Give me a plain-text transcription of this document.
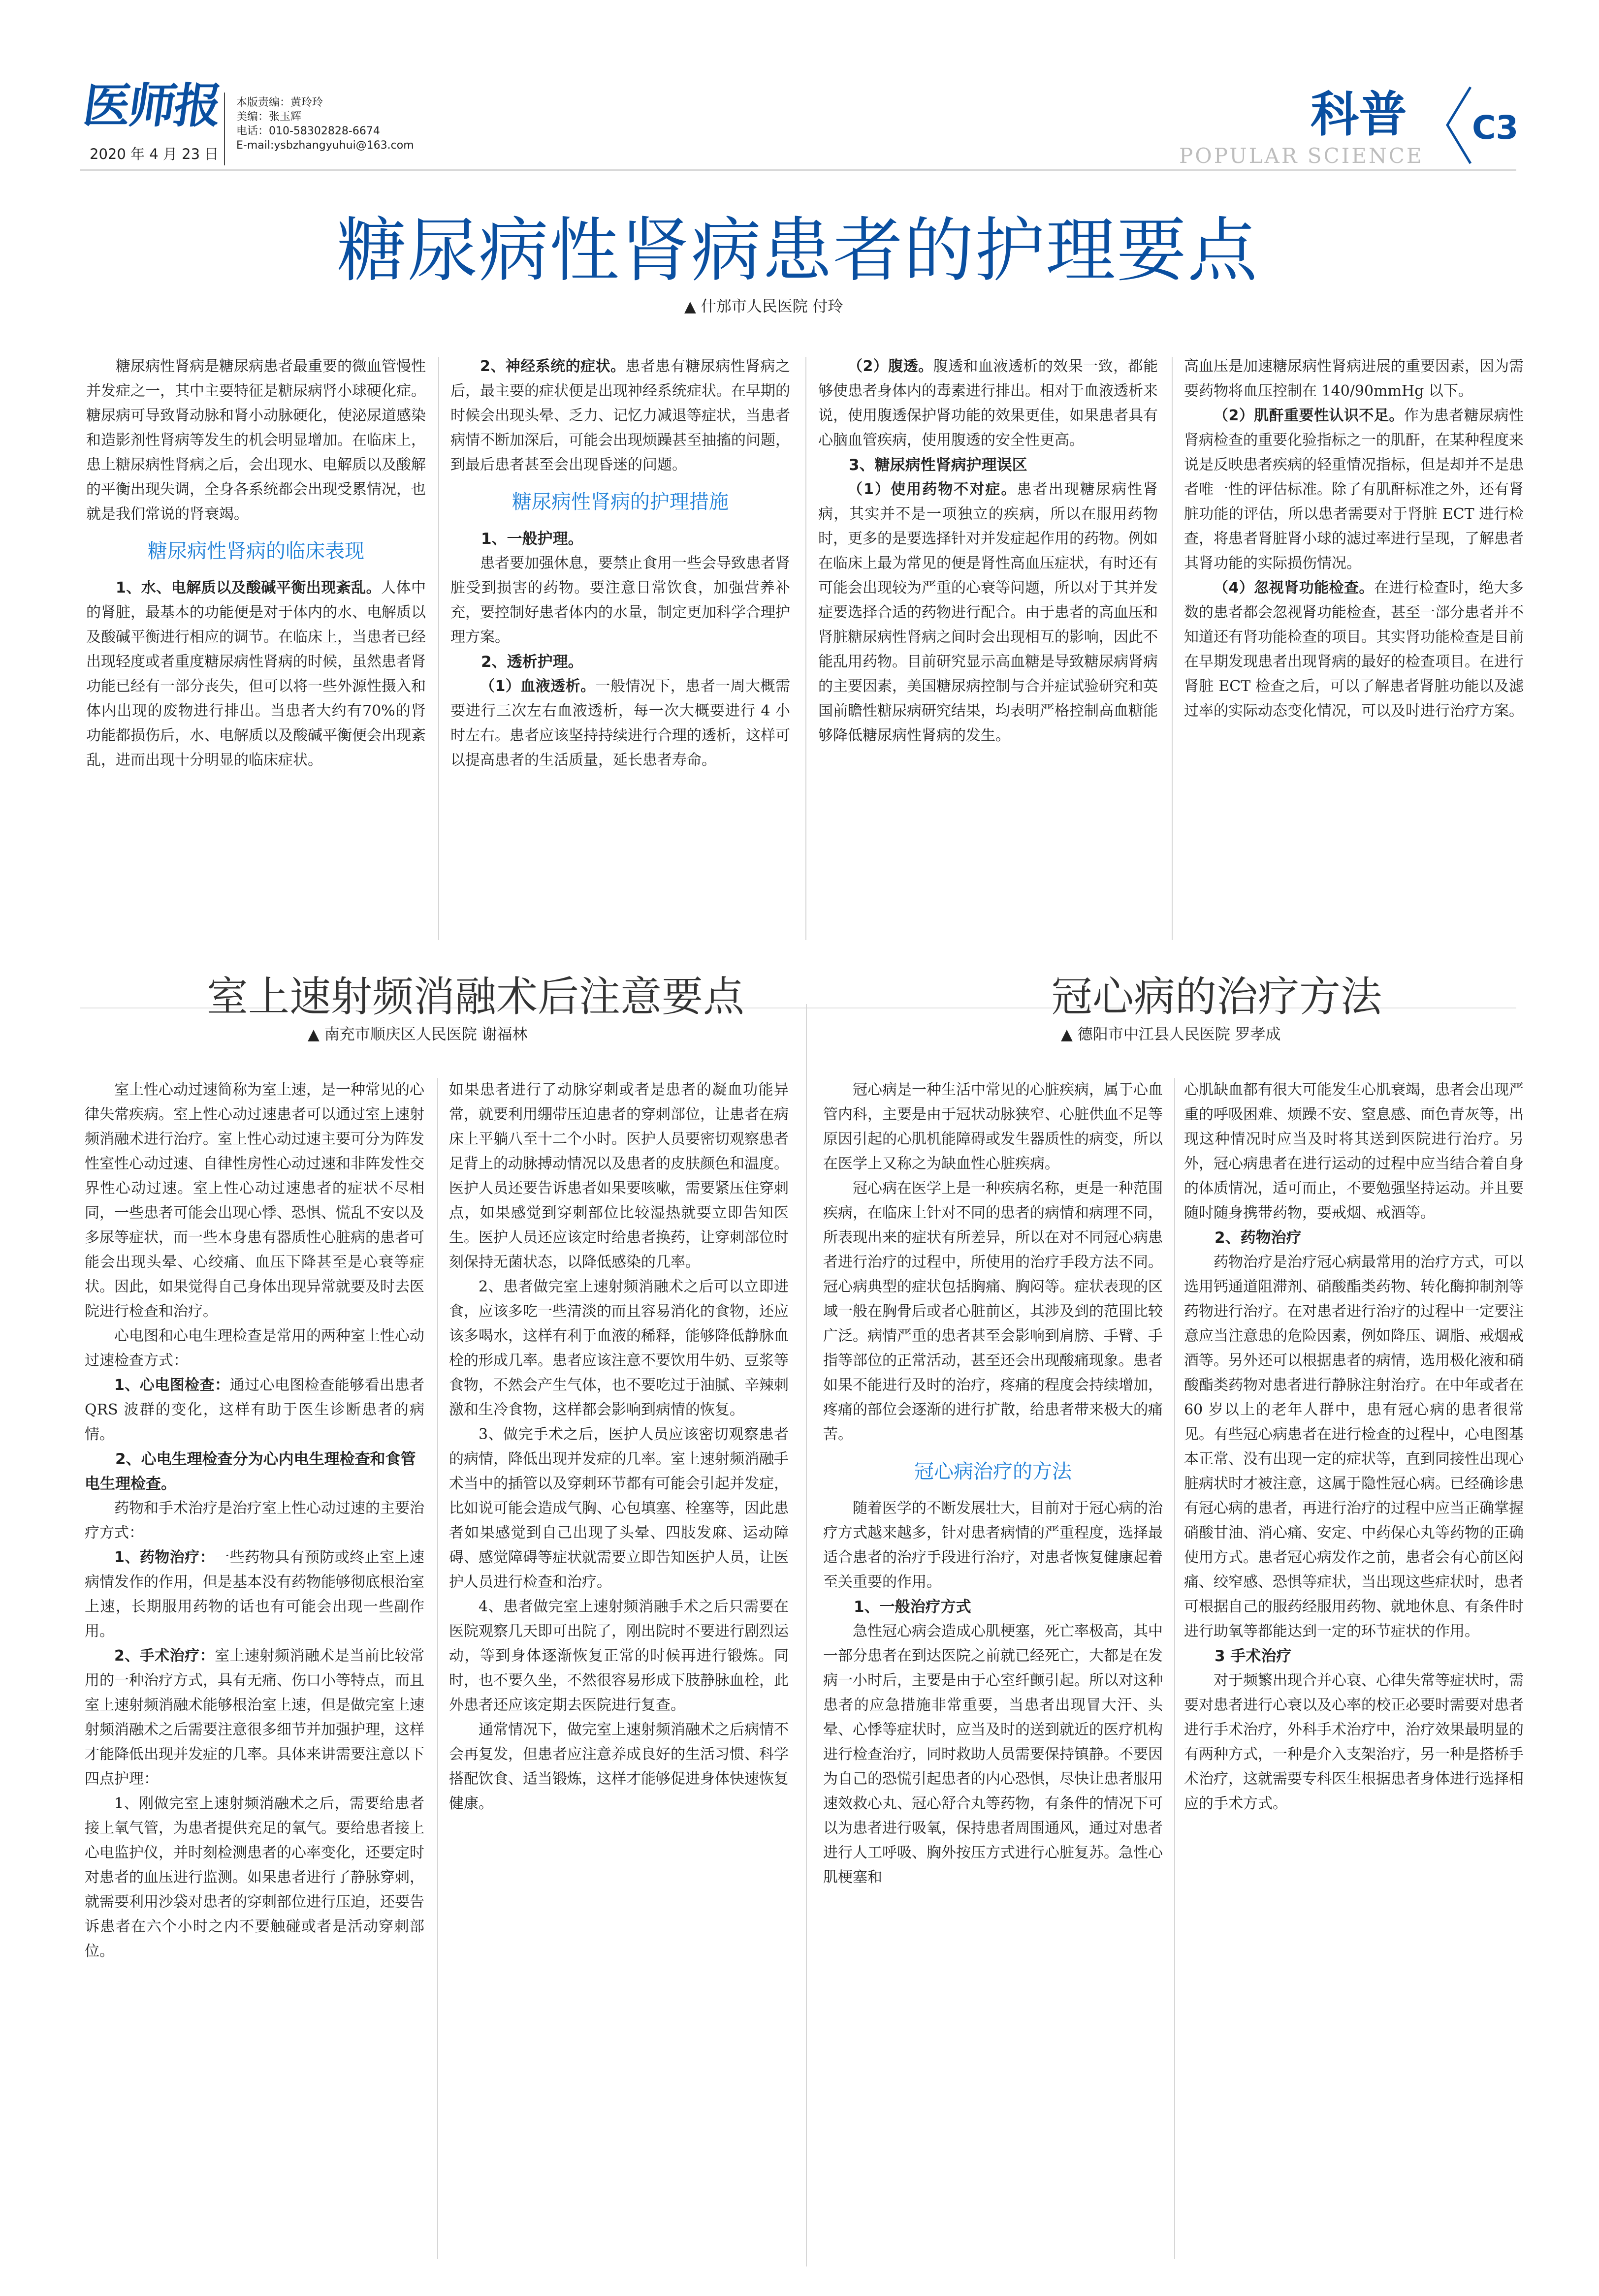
医师报
2020 年 4 月 23 日
本版责编：黄玲玲
美编：张玉辉
电话：010-58302828-6674
E-mail:ysbzhangyuhui@163.com
科普 C3
POPULAR SCIENCE
糖尿病性肾病患者的护理要点
▲ 什邡市人民医院 付玲

糖尿病性肾病是糖尿病患者最重要的微血管慢性并发症之一，其中主要特征是糖尿病肾小球硬化症。糖尿病可导致肾动脉和肾小动脉硬化，使泌尿道感染和造影剂性肾病等发生的机会明显增加。在临床上，患上糖尿病性肾病之后，会出现水、电解质以及酸解的平衡出现失调，全身各系统都会出现受累情况，也就是我们常说的肾衰竭。

糖尿病性肾病的临床表现

1、水、电解质以及酸碱平衡出现紊乱。人体中的肾脏，最基本的功能便是对于体内的水、电解质以及酸碱平衡进行相应的调节。在临床上，当患者已经出现轻度或者重度糖尿病性肾病的时候，虽然患者肾功能已经有一部分丧失，但可以将一些外源性摄入和体内出现的废物进行排出。当患者大约有70%的肾功能都损伤后，水、电解质以及酸碱平衡便会出现紊乱，进而出现十分明显的临床症状。

2、神经系统的症状。患者患有糖尿病性肾病之后，最主要的症状便是出现神经系统症状。在早期的时候会出现头晕、乏力、记忆力减退等症状，当患者病情不断加深后，可能会出现烦躁甚至抽搐的问题，到最后患者甚至会出现昏迷的问题。

糖尿病性肾病的护理措施
1、一般护理。

患者要加强休息，要禁止食用一些会导致患者肾脏受到损害的药物。要注意日常饮食，加强营养补充，要控制好患者体内的水量，制定更加科学合理护理方案。

2、透析护理。

（1）血液透析。一般情况下，患者一周大概需要进行三次左右血液透析，每一次大概要进行 4 小时左右。患者应该坚持持续进行合理的透析，这样可以提高患者的生活质量，延长患者寿命。

（2）腹透。腹透和血液透析的效果一致，都能够使患者身体内的毒素进行排出。相对于血液透析来说，使用腹透保护肾功能的效果更佳，如果患者具有心脑血管疾病，使用腹透的安全性更高。

3、糖尿病性肾病护理误区

（1）使用药物不对症。患者出现糖尿病性肾病，其实并不是一项独立的疾病，所以在服用药物时，更多的是要选择针对并发症起作用的药物。例如在临床上最为常见的便是肾性高血压症状，有时还有可能会出现较为严重的心衰等问题，所以对于其并发症要选择合适的药物进行配合。由于患者的高血压和肾脏糖尿病性肾病之间时会出现相互的影响，因此不能乱用药物。目前研究显示高血糖是导致糖尿病肾病的主要因素，美国糖尿病控制与合并症试验研究和英国前瞻性糖尿病研究结果，均表明严格控制高血糖能够降低糖尿病性肾病的发生。

高血压是加速糖尿病性肾病进展的重要因素，因为需要药物将血压控制在 140/90mmHg 以下。

（2）肌酐重要性认识不足。作为患者糖尿病性肾病检查的重要化验指标之一的肌酐，在某种程度来说是反映患者疾病的轻重情况指标，但是却并不是患者唯一性的评估标准。除了有肌酐标准之外，还有肾脏功能的评估，所以患者需要对于肾脏 ECT 进行检查，将患者肾脏肾小球的滤过率进行呈现，了解患者其肾功能的实际损伤情况。

（4）忽视肾功能检查。在进行检查时，绝大多数的患者都会忽视肾功能检查，甚至一部分患者并不知道还有肾功能检查的项目。其实肾功能检查是目前在早期发现患者出现肾病的最好的检查项目。在进行肾脏 ECT 检查之后，可以了解患者肾脏功能以及滤过率的实际动态变化情况，可以及时进行治疗方案。

室上速射频消融术后注意要点
▲ 南充市顺庆区人民医院 谢福林
冠心病的治疗方法
▲ 德阳市中江县人民医院 罗孝成

室上性心动过速简称为室上速，是一种常见的心律失常疾病。室上性心动过速患者可以通过室上速射频消融术进行治疗。室上性心动过速主要可分为阵发性室性心动过速、自律性房性心动过速和非阵发性交界性心动过速。室上性心动过速患者的症状不尽相同，一些患者可能会出现心悸、恐惧、慌乱不安以及多尿等症状，而一些本身患有器质性心脏病的患者可能会出现头晕、心绞痛、血压下降甚至是心衰等症状。因此，如果觉得自己身体出现异常就要及时去医院进行检查和治疗。

心电图和心电生理检查是常用的两种室上性心动过速检查方式：

1、心电图检查：通过心电图检查能够看出患者 QRS 波群的变化，这样有助于医生诊断患者的病情。

2、心电生理检查分为心内电生理检查和食管电生理检查。

药物和手术治疗是治疗室上性心动过速的主要治疗方式：

1、药物治疗：一些药物具有预防或终止室上速病情发作的作用，但是基本没有药物能够彻底根治室上速，长期服用药物的话也有可能会出现一些副作用。

2、手术治疗：室上速射频消融术是当前比较常用的一种治疗方式，具有无痛、伤口小等特点，而且室上速射频消融术能够根治室上速，但是做完室上速射频消融术之后需要注意很多细节并加强护理，这样才能降低出现并发症的几率。具体来讲需要注意以下四点护理：

1、刚做完室上速射频消融术之后，需要给患者接上氧气管，为患者提供充足的氧气。要给患者接上心电监护仪，并时刻检测患者的心率变化，还要定时对患者的血压进行监测。如果患者进行了静脉穿刺，就需要利用沙袋对患者的穿刺部位进行压迫，还要告诉患者在六个小时之内不要触碰或者是活动穿刺部位。

如果患者进行了动脉穿刺或者是患者的凝血功能异常，就要利用绷带压迫患者的穿刺部位，让患者在病床上平躺八至十二个小时。医护人员要密切观察患者足背上的动脉搏动情况以及患者的皮肤颜色和温度。医护人员还要告诉患者如果要咳嗽，需要紧压住穿刺点，如果感觉到穿刺部位比较湿热就要立即告知医生。医护人员还应该定时给患者换药，让穿刺部位时刻保持无菌状态，以降低感染的几率。

2、患者做完室上速射频消融术之后可以立即进食，应该多吃一些清淡的而且容易消化的食物，还应该多喝水，这样有利于血液的稀释，能够降低静脉血栓的形成几率。患者应该注意不要饮用牛奶、豆浆等食物，不然会产生气体，也不要吃过于油腻、辛辣刺激和生冷食物，这样都会影响到病情的恢复。

3、做完手术之后，医护人员应该密切观察患者的病情，降低出现并发症的几率。室上速射频消融手术当中的插管以及穿刺环节都有可能会引起并发症，比如说可能会造成气胸、心包填塞、栓塞等，因此患者如果感觉到自己出现了头晕、四肢发麻、运动障碍、感觉障碍等症状就需要立即告知医护人员，让医护人员进行检查和治疗。

4、患者做完室上速射频消融手术之后只需要在医院观察几天即可出院了，刚出院时不要进行剧烈运动，等到身体逐渐恢复正常的时候再进行锻炼。同时，也不要久坐，不然很容易形成下肢静脉血栓，此外患者还应该定期去医院进行复查。

通常情况下，做完室上速射频消融术之后病情不会再复发，但患者应注意养成良好的生活习惯、科学搭配饮食、适当锻炼，这样才能够促进身体快速恢复健康。

冠心病是一种生活中常见的心脏疾病，属于心血管内科，主要是由于冠状动脉狭窄、心脏供血不足等原因引起的心肌机能障碍或发生器质性的病变，所以在医学上又称之为缺血性心脏疾病。

冠心病在医学上是一种疾病名称，更是一种范围疾病，在临床上针对不同的患者的病情和病理不同，所表现出来的症状有所差异，所以在对不同冠心病患者进行治疗的过程中，所使用的治疗手段方法不同。冠心病典型的症状包括胸痛、胸闷等。症状表现的区域一般在胸骨后或者心脏前区，其涉及到的范围比较广泛。病情严重的患者甚至会影响到肩膀、手臂、手指等部位的正常活动，甚至还会出现酸痛现象。患者如果不能进行及时的治疗，疼痛的程度会持续增加，疼痛的部位会逐渐的进行扩散，给患者带来极大的痛苦。

冠心病治疗的方法

随着医学的不断发展壮大，目前对于冠心病的治疗方式越来越多，针对患者病情的严重程度，选择最适合患者的治疗手段进行治疗，对患者恢复健康起着至关重要的作用。

1、一般治疗方式

急性冠心病会造成心肌梗塞，死亡率极高，其中一部分患者在到达医院之前就已经死亡，大都是在发病一小时后，主要是由于心室纤颤引起。所以对这种患者的应急措施非常重要，当患者出现冒大汗、头晕、心悸等症状时，应当及时的送到就近的医疗机构进行检查治疗，同时救助人员需要保持镇静。不要因为自己的恐慌引起患者的内心恐惧，尽快让患者服用速效救心丸、冠心舒合丸等药物，有条件的情况下可以为患者进行吸氧，保持患者周围通风，通过对患者进行人工呼吸、胸外按压方式进行心脏复苏。急性心肌梗塞和

心肌缺血都有很大可能发生心肌衰竭，患者会出现严重的呼吸困难、烦躁不安、窒息感、面色青灰等，出现这种情况时应当及时将其送到医院进行治疗。另外，冠心病患者在进行运动的过程中应当结合着自身的体质情况，适可而止，不要勉强坚持运动。并且要随时随身携带药物，要戒烟、戒酒等。

2、药物治疗

药物治疗是治疗冠心病最常用的治疗方式，可以选用钙通道阻滞剂、硝酸酯类药物、转化酶抑制剂等药物进行治疗。在对患者进行治疗的过程中一定要注意应当注意患的危险因素，例如降压、调脂、戒烟戒酒等。另外还可以根据患者的病情，选用极化液和硝酸酯类药物对患者进行静脉注射治疗。在中年或者在 60 岁以上的老年人群中，患有冠心病的患者很常见。有些冠心病患者在进行检查的过程中，心电图基本正常、没有出现一定的症状等，直到同接性出现心脏病状时才被注意，这属于隐性冠心病。已经确诊患有冠心病的患者，再进行治疗的过程中应当正确掌握硝酸甘油、消心痛、安定、中药保心丸等药物的正确使用方式。患者冠心病发作之前，患者会有心前区闷痛、绞窄感、恐惧等症状，当出现这些症状时，患者可根据自己的服药经服用药物、就地休息、有条件时进行助氧等都能达到一定的环节症状的作用。

3 手术治疗

对于频繁出现合并心衰、心律失常等症状时，需要对患者进行心衰以及心率的校正必要时需要对患者进行手术治疗，外科手术治疗中，治疗效果最明显的有两种方式，一种是介入支架治疗，另一种是搭桥手术治疗，这就需要专科医生根据患者身体进行选择相应的手术方式。
